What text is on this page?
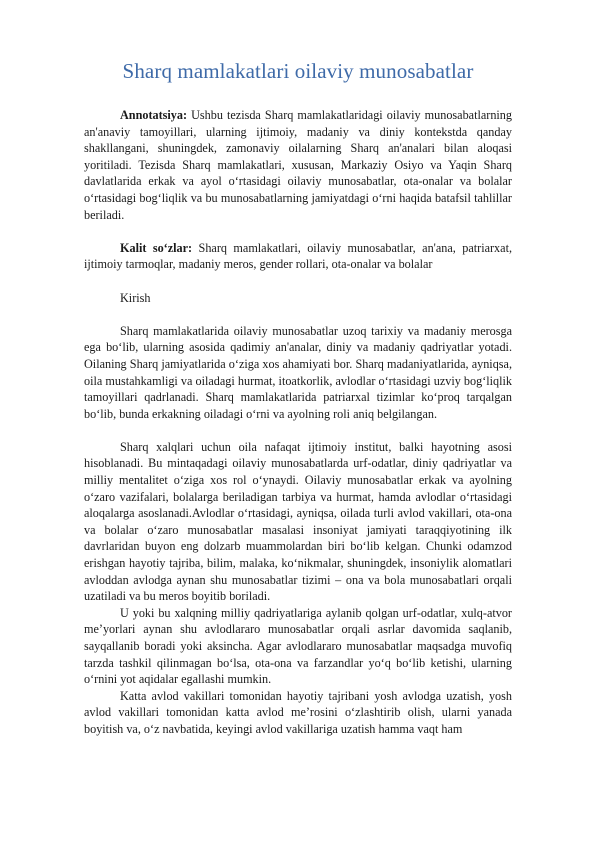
Sharq mamlakatlari oilaviy munosabatlar

Annotatsiya: Ushbu tezisda Sharq mamlakatlaridagi oilaviy munosabatlarning an'anaviy tamoyillari, ularning ijtimoiy, madaniy va diniy kontekstda qanday shakllangani, shuningdek, zamonaviy oilalarning Sharq an'analari bilan aloqasi yoritiladi. Tezisda Sharq mamlakatlari, xususan, Markaziy Osiyo va Yaqin Sharq davlatlarida erkak va ayol o‘rtasidagi oilaviy munosabatlar, ota-onalar va bolalar o‘rtasidagi bog‘liqlik va bu munosabatlarning jamiyatdagi o‘rni haqida batafsil tahlillar beriladi.

Kalit so‘zlar: Sharq mamlakatlari, oilaviy munosabatlar, an'ana, patriarxat, ijtimoiy tarmoqlar, madaniy meros, gender rollari, ota-onalar va bolalar

Kirish

Sharq mamlakatlarida oilaviy munosabatlar uzoq tarixiy va madaniy merosga ega bo‘lib, ularning asosida qadimiy an'analar, diniy va madaniy qadriyatlar yotadi. Oilaning Sharq jamiyatlarida o‘ziga xos ahamiyati bor. Sharq madaniyatlarida, ayniqsa, oila mustahkamligi va oiladagi hurmat, itoatkorlik, avlodlar o‘rtasidagi uzviy bog‘liqlik tamoyillari qadrlanadi. Sharq mamlakatlarida patriarxal tizimlar ko‘proq tarqalgan bo‘lib, bunda erkakning oiladagi o‘rni va ayolning roli aniq belgilangan.

Sharq xalqlari uchun oila nafaqat ijtimoiy institut, balki hayotning asosi hisoblanadi. Bu mintaqadagi oilaviy munosabatlarda urf-odatlar, diniy qadriyatlar va milliy mentalitet o‘ziga xos rol o‘ynaydi. Oilaviy munosabatlar erkak va ayolning o‘zaro vazifalari, bolalarga beriladigan tarbiya va hurmat, hamda avlodlar o‘rtasidagi aloqalarga asoslanadi.Avlodlar o‘rtasidagi, ayniqsa, oilada turli avlod vakillari, ota-ona va bolalar o‘zaro munosabatlar masalasi insoniyat jamiyati taraqqiyotining ilk davrlaridan buyon eng dolzarb muammolardan biri bo‘lib kelgan. Chunki odamzod erishgan hayotiy tajriba, bilim, malaka, ko‘nikmalar, shuningdek, insoniylik alomatlari avloddan avlodga aynan shu munosabatlar tizimi – ona va bola munosabatlari orqali uzatiladi va bu meros boyitib boriladi.

U yoki bu xalqning milliy qadriyatlariga aylanib qolgan urf-odatlar, xulq-atvor me’yorlari aynan shu avlodlararo munosabatlar orqali asrlar davomida saqlanib, sayqallanib boradi yoki aksincha. Agar avlodlararo munosabatlar maqsadga muvofiq tarzda tashkil qilinmagan bo‘lsa, ota-ona va farzandlar yo‘q bo‘lib ketishi, ularning o‘rnini yot aqidalar egallashi mumkin.

Katta avlod vakillari tomonidan hayotiy tajribani yosh avlodga uzatish, yosh avlod vakillari tomonidan katta avlod me’rosini o‘zlashtirib olish, ularni yanada boyitish va, o‘z navbatida, keyingi avlod vakillariga uzatish hamma vaqt ham
